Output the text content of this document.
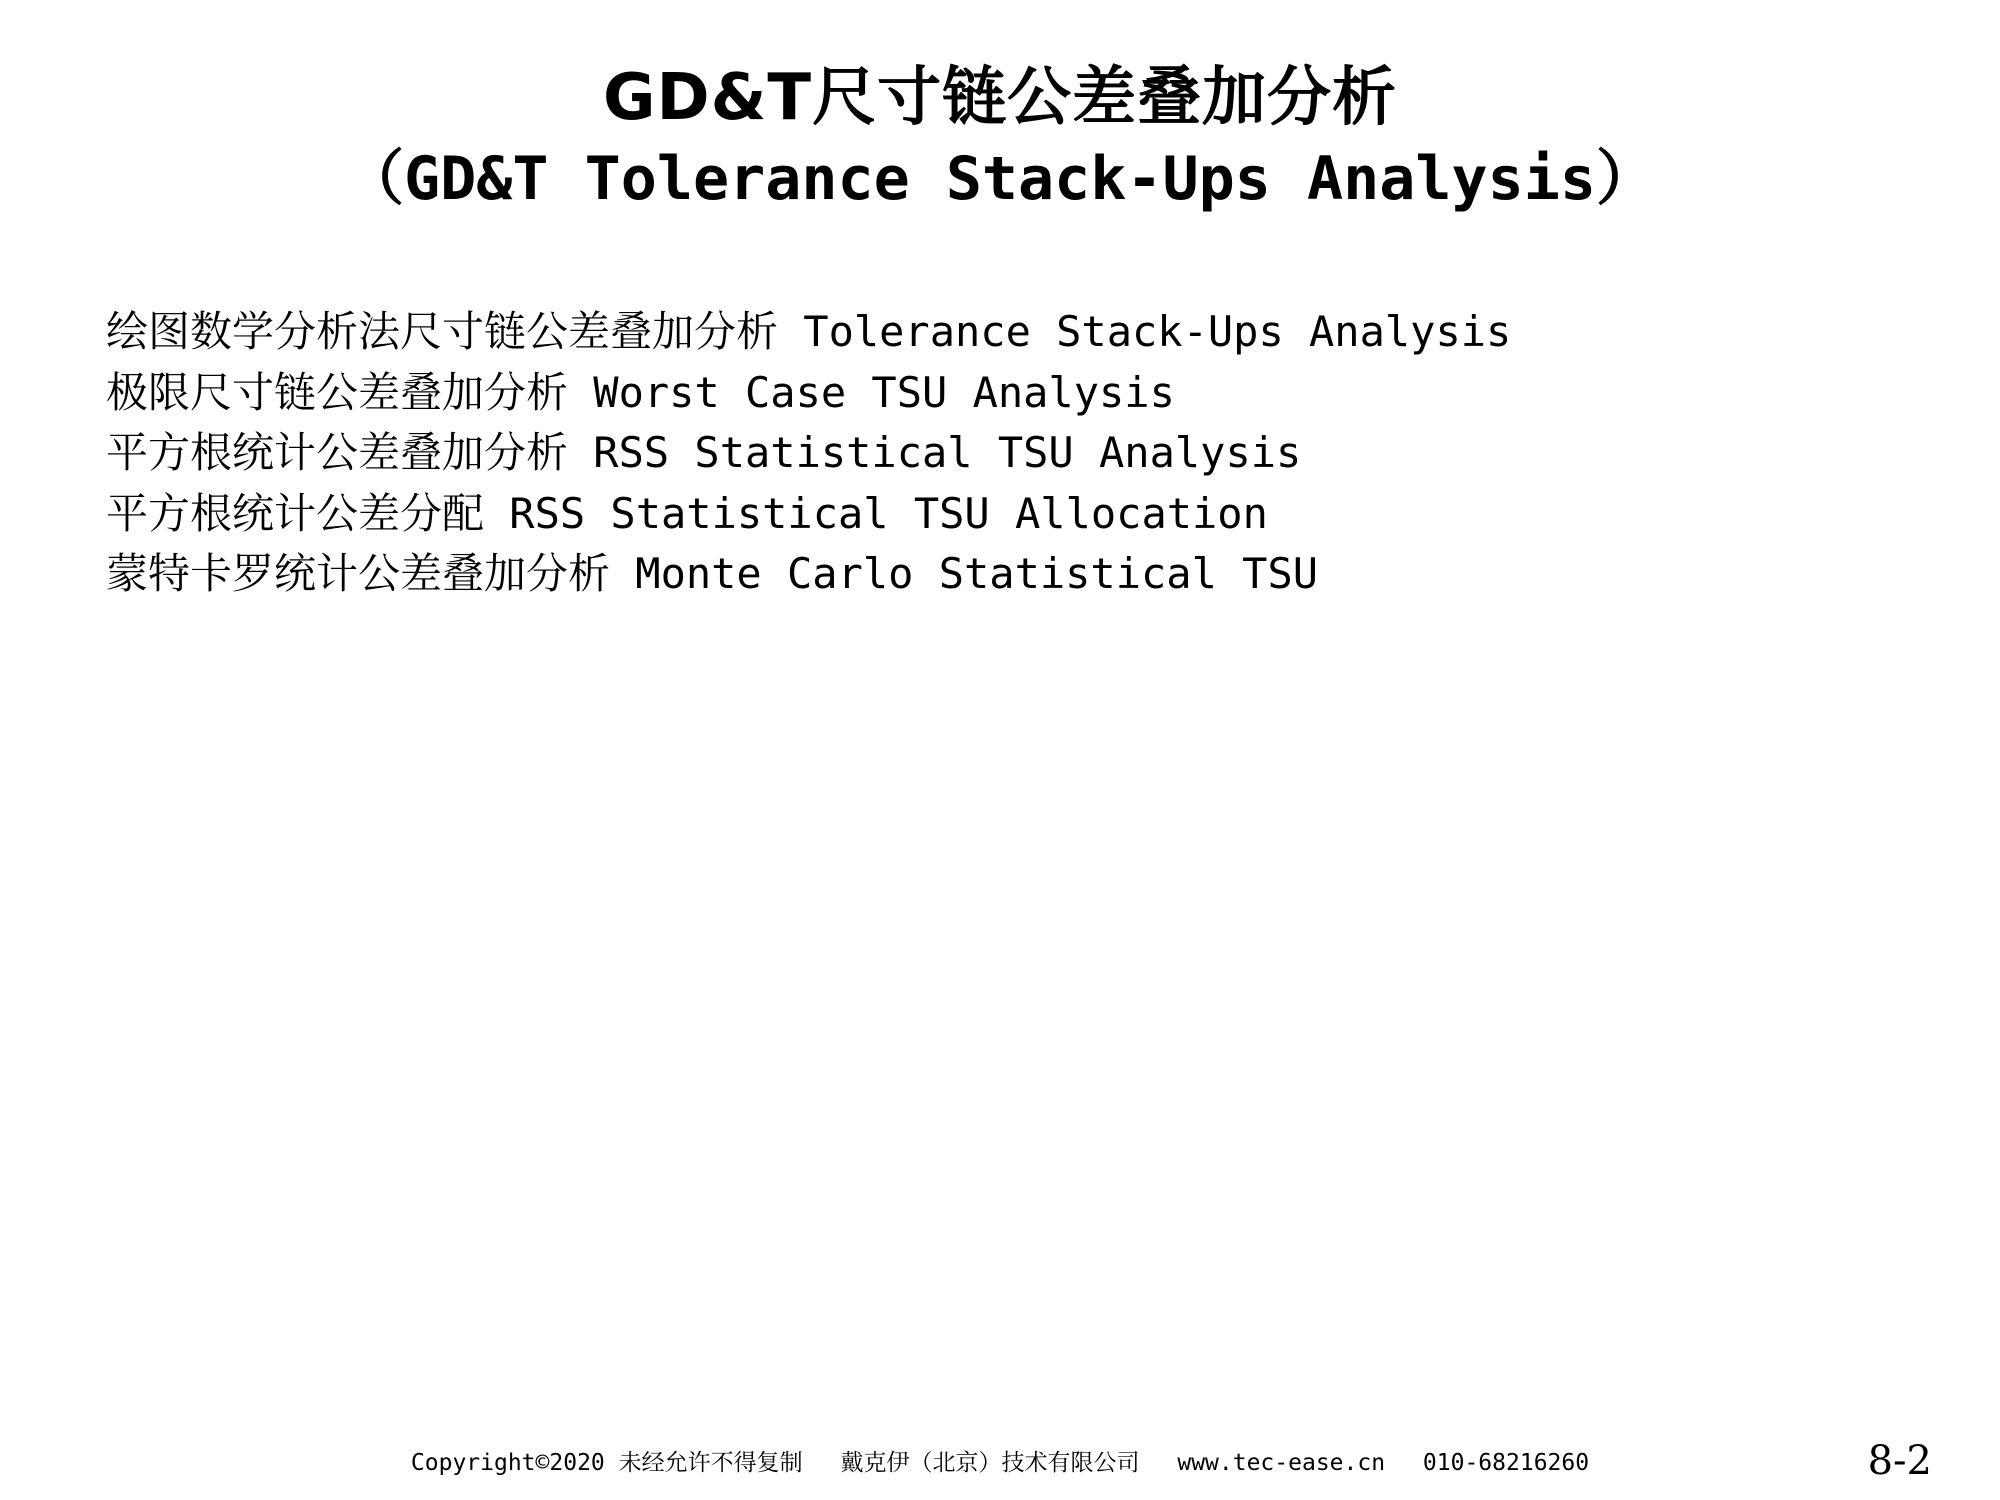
GD&T尺寸链公差叠加分析
（GD&T Tolerance Stack-Ups Analysis）
绘图数学分析法尺寸链公差叠加分析 Tolerance Stack-Ups Analysis
极限尺寸链公差叠加分析 Worst Case TSU Analysis
平方根统计公差叠加分析 RSS Statistical TSU Analysis
平方根统计公差分配 RSS Statistical TSU Allocation
蒙特卡罗统计公差叠加分析 Monte Carlo Statistical TSU
Copyright©2020 未经允许不得复制 戴克伊（北京）技术有限公司 www.tec-ease.cn 010-68216260	8-2
